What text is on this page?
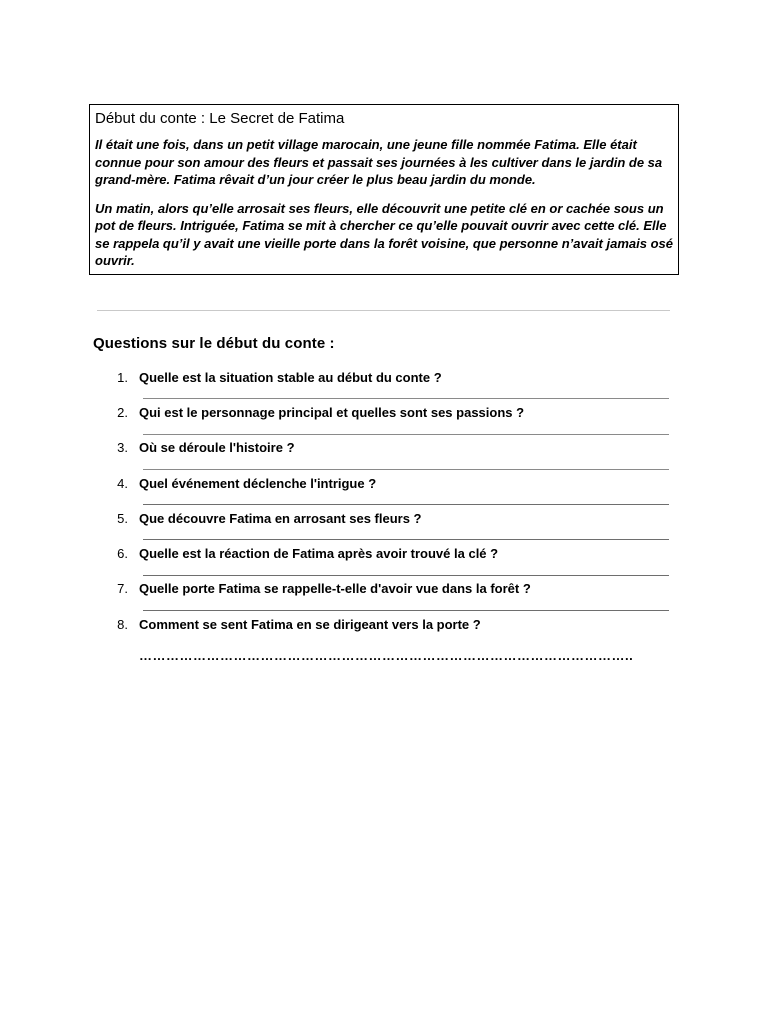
Début du conte : Le Secret de Fatima

Il était une fois, dans un petit village marocain, une jeune fille nommée Fatima. Elle était connue pour son amour des fleurs et passait ses journées à les cultiver dans le jardin de sa grand-mère. Fatima rêvait d’un jour créer le plus beau jardin du monde.

Un matin, alors qu’elle arrosait ses fleurs, elle découvrit une petite clé en or cachée sous un pot de fleurs. Intriguée, Fatima se mit à chercher ce qu’elle pouvait ouvrir avec cette clé. Elle se rappela qu’il y avait une vieille porte dans la forêt voisine, que personne n’avait jamais osé ouvrir.

Questions sur le début du conte :
1. Quelle est la situation stable au début du conte ?
2. Qui est le personnage principal et quelles sont ses passions ?
3. Où se déroule l'histoire ?
4. Quel événement déclenche l'intrigue ?
5. Que découvre Fatima en arrosant ses fleurs ?
6. Quelle est la réaction de Fatima après avoir trouvé la clé ?
7. Quelle porte Fatima se rappelle-t-elle d'avoir vue dans la forêt ?
8. Comment se sent Fatima en se dirigeant vers la porte ?
………………………………………………………………………………………………..
